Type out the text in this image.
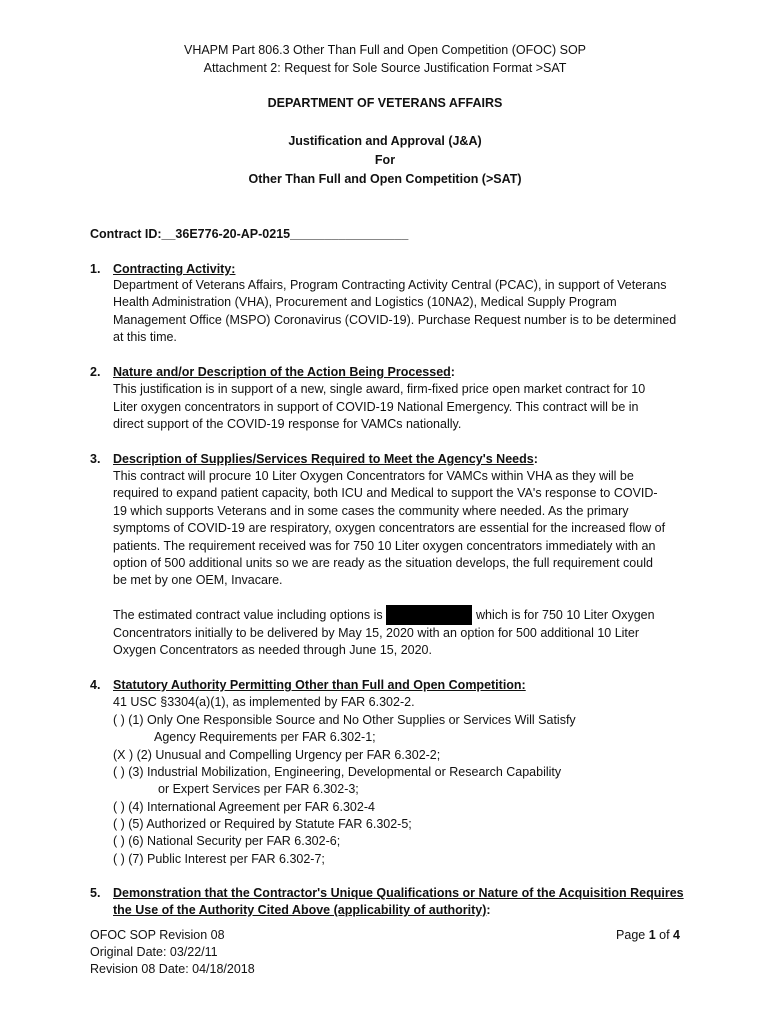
VHAPM Part 806.3 Other Than Full and Open Competition (OFOC) SOP
Attachment 2: Request for Sole Source Justification Format >SAT
DEPARTMENT OF VETERANS AFFAIRS
Justification and Approval (J&A)
For
Other Than Full and Open Competition (>SAT)
Contract ID:__36E776-20-AP-0215_________________
1. Contracting Activity:
Department of Veterans Affairs, Program Contracting Activity Central (PCAC), in support of Veterans
Health Administration (VHA), Procurement and Logistics (10NA2), Medical Supply Program
Management Office (MSPO) Coronavirus (COVID-19). Purchase Request number is to be determined
at this time.
2. Nature and/or Description of the Action Being Processed:
This justification is in support of a new, single award, firm-fixed price open market contract for 10
Liter oxygen concentrators in support of COVID-19 National Emergency. This contract will be in
direct support of the COVID-19 response for VAMCs nationally.
3. Description of Supplies/Services Required to Meet the Agency's Needs:
This contract will procure 10 Liter Oxygen Concentrators for VAMCs within VHA as they will be
required to expand patient capacity, both ICU and Medical to support the VA's response to COVID-
19 which supports Veterans and in some cases the community where needed. As the primary
symptoms of COVID-19 are respiratory, oxygen concentrators are essential for the increased flow of
patients. The requirement received was for 750 10 Liter oxygen concentrators immediately with an
option of 500 additional units so we are ready as the situation develops, the full requirement could
be met by one OEM, Invacare.
The estimated contract value including options is	which is for 750 10 Liter Oxygen
Concentrators initially to be delivered by May 15, 2020 with an option for 500 additional 10 Liter
Oxygen Concentrators as needed through June 15, 2020.
4. Statutory Authority Permitting Other than Full and Open Competition:
41 USC §3304(a)(1), as implemented by FAR 6.302-2.
( ) (1) Only One Responsible Source and No Other Supplies or Services Will Satisfy
Agency Requirements per FAR 6.302-1;
(X ) (2) Unusual and Compelling Urgency per FAR 6.302-2;
( ) (3) Industrial Mobilization, Engineering, Developmental or Research Capability
or Expert Services per FAR 6.302-3;
( ) (4) International Agreement per FAR 6.302-4
( ) (5) Authorized or Required by Statute FAR 6.302-5;
( ) (6) National Security per FAR 6.302-6;
( ) (7) Public Interest per FAR 6.302-7;
5. Demonstration that the Contractor's Unique Qualifications or Nature of the Acquisition Requires
the Use of the Authority Cited Above (applicability of authority):
OFOC SOP Revision 08
Original Date: 03/22/11
Revision 08 Date: 04/18/2018
Page 1 of 4
